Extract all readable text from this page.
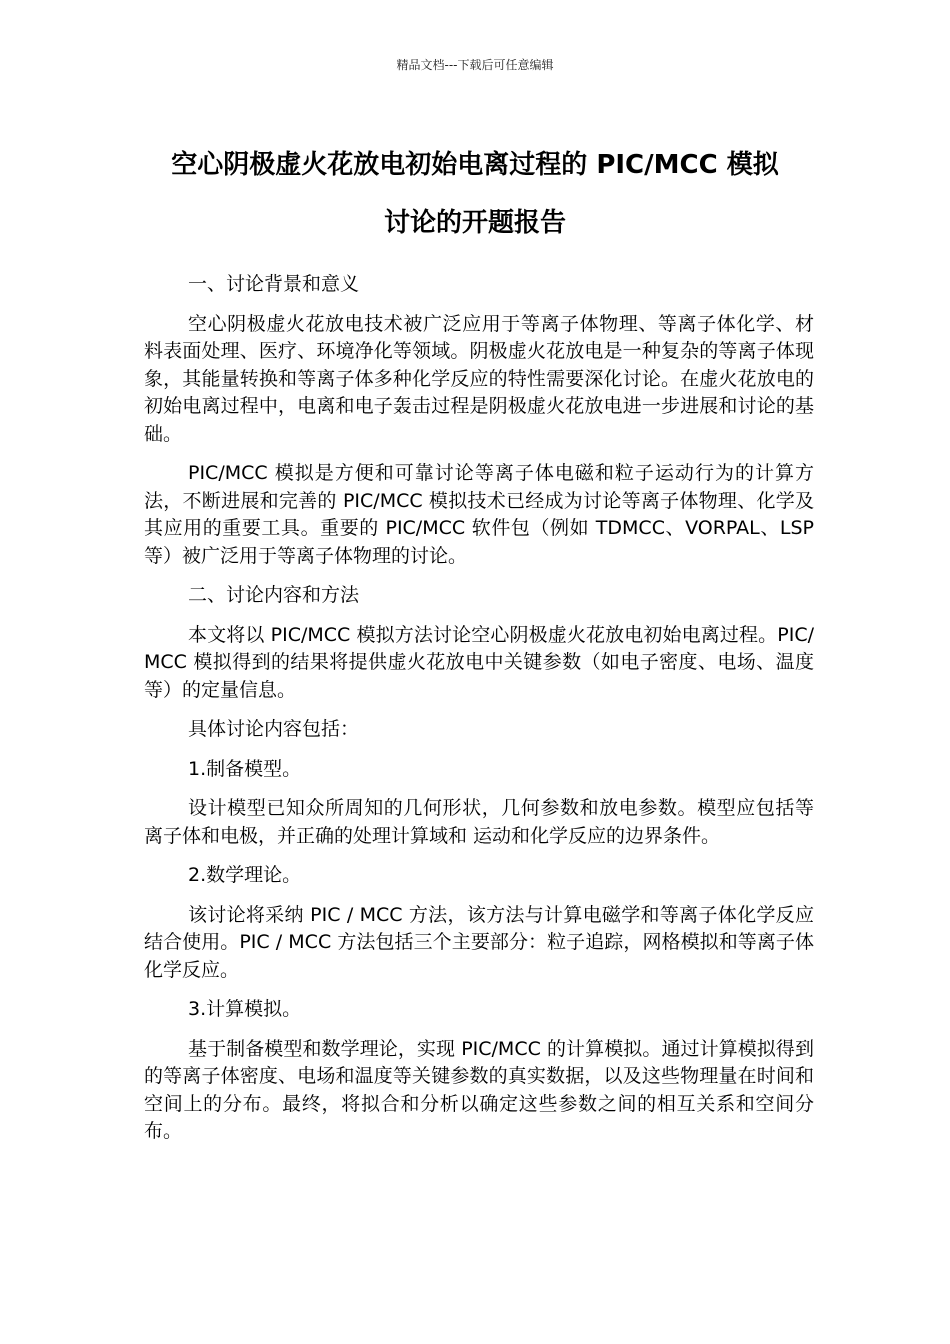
精品文档---下载后可任意编辑
空心阴极虚火花放电初始电离过程的 PIC/MCC 模拟
讨论的开题报告

一、讨论背景和意义

空心阴极虚火花放电技术被广泛应用于等离子体物理、等离子体化学、材料表面处理、医疗、环境净化等领域。阴极虚火花放电是一种复杂的等离子体现象，其能量转换和等离子体多种化学反应的特性需要深化讨论。在虚火花放电的初始电离过程中，电离和电子轰击过程是阴极虚火花放电进一步进展和讨论的基础。

PIC/MCC 模拟是方便和可靠讨论等离子体电磁和粒子运动行为的计算方法，不断进展和完善的 PIC/MCC 模拟技术已经成为讨论等离子体物理、化学及其应用的重要工具。重要的 PIC/MCC 软件包（例如 TDMCC、VORPAL、LSP 等）被广泛用于等离子体物理的讨论。

二、讨论内容和方法

本文将以 PIC/MCC 模拟方法讨论空心阴极虚火花放电初始电离过程。PIC/MCC 模拟得到的结果将提供虚火花放电中关键参数（如电子密度、电场、温度等）的定量信息。

具体讨论内容包括：

1.制备模型。

设计模型已知众所周知的几何形状，几何参数和放电参数。模型应包括等离子体和电极，并正确的处理计算域和 运动和化学反应的边界条件。

2.数学理论。

该讨论将采纳 PIC / MCC 方法，该方法与计算电磁学和等离子体化学反应结合使用。PIC / MCC 方法包括三个主要部分：粒子追踪，网格模拟和等离子体化学反应。

3.计算模拟。

基于制备模型和数学理论，实现 PIC/MCC 的计算模拟。通过计算模拟得到的等离子体密度、电场和温度等关键参数的真实数据，以及这些物理量在时间和空间上的分布。最终，将拟合和分析以确定这些参数之间的相互关系和空间分布。
